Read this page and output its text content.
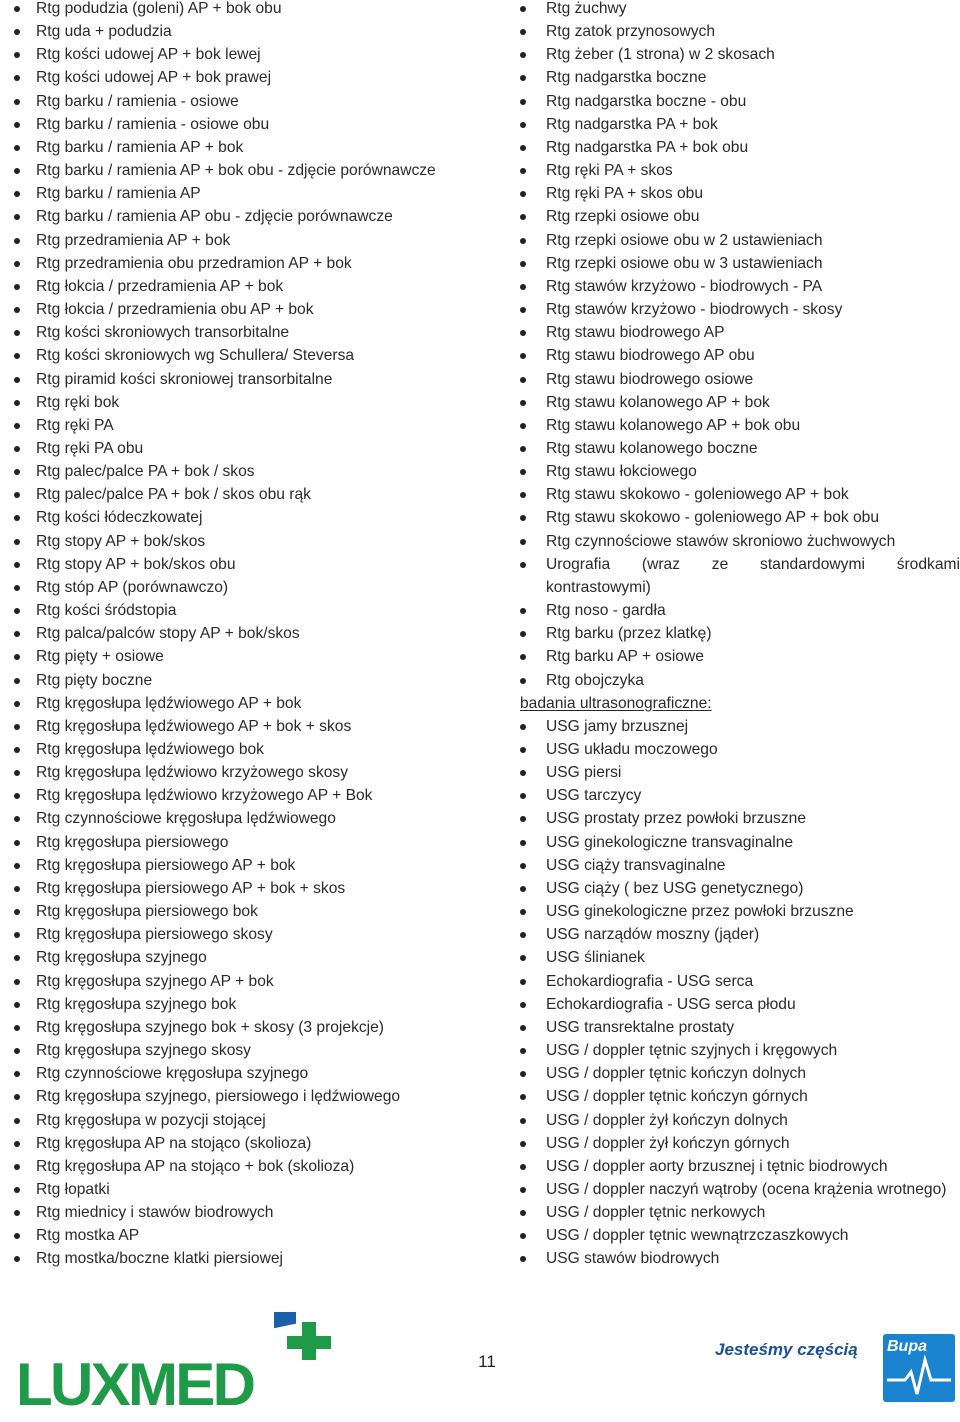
Rtg podudzia (goleni) AP + bok obu
Rtg uda + podudzia
Rtg kości udowej AP + bok lewej
Rtg kości udowej AP + bok prawej
Rtg barku / ramienia - osiowe
Rtg barku / ramienia - osiowe obu
Rtg barku / ramienia AP + bok
Rtg barku / ramienia AP + bok obu - zdjęcie porównawcze
Rtg barku / ramienia AP
Rtg barku / ramienia AP obu - zdjęcie porównawcze
Rtg przedramienia AP + bok
Rtg przedramienia obu przedramion AP + bok
Rtg łokcia / przedramienia AP + bok
Rtg łokcia / przedramienia obu AP + bok
Rtg kości skroniowych transorbitalne
Rtg kości skroniowych wg Schullera/ Steversa
Rtg piramid kości skroniowej transorbitalne
Rtg ręki bok
Rtg ręki PA
Rtg ręki PA obu
Rtg palec/palce PA + bok / skos
Rtg palec/palce PA + bok / skos obu rąk
Rtg kości łódeczkowatej
Rtg stopy AP + bok/skos
Rtg stopy AP + bok/skos obu
Rtg stóp AP (porównawczo)
Rtg kości śródstopia
Rtg palca/palców stopy AP + bok/skos
Rtg pięty + osiowe
Rtg pięty boczne
Rtg kręgosłupa lędźwiowego AP + bok
Rtg kręgosłupa lędźwiowego AP + bok + skos
Rtg kręgosłupa lędźwiowego bok
Rtg kręgosłupa lędźwiowo krzyżowego skosy
Rtg kręgosłupa lędźwiowo krzyżowego AP + Bok
Rtg czynnościowe kręgosłupa lędźwiowego
Rtg kręgosłupa piersiowego
Rtg kręgosłupa piersiowego AP + bok
Rtg kręgosłupa piersiowego AP + bok + skos
Rtg kręgosłupa piersiowego bok
Rtg kręgosłupa piersiowego skosy
Rtg kręgosłupa szyjnego
Rtg kręgosłupa szyjnego AP + bok
Rtg kręgosłupa szyjnego bok
Rtg kręgosłupa szyjnego bok + skosy (3 projekcje)
Rtg kręgosłupa szyjnego skosy
Rtg czynnościowe kręgosłupa szyjnego
Rtg kręgosłupa szyjnego, piersiowego i lędźwiowego
Rtg kręgosłupa w pozycji stojącej
Rtg kręgosłupa AP na stojąco (skolioza)
Rtg kręgosłupa AP na stojąco + bok (skolioza)
Rtg łopatki
Rtg miednicy i stawów biodrowych
Rtg mostka AP
Rtg mostka/boczne klatki piersiowej
Rtg żuchwy
Rtg zatok przynosowych
Rtg żeber (1 strona) w 2 skosach
Rtg nadgarstka boczne
Rtg nadgarstka boczne - obu
Rtg nadgarstka PA + bok
Rtg nadgarstka PA + bok obu
Rtg ręki PA + skos
Rtg ręki PA + skos obu
Rtg rzepki osiowe obu
Rtg rzepki osiowe obu w 2 ustawieniach
Rtg rzepki osiowe obu w 3 ustawieniach
Rtg stawów krzyżowo - biodrowych - PA
Rtg stawów krzyżowo - biodrowych - skosy
Rtg stawu biodrowego AP
Rtg stawu biodrowego AP obu
Rtg stawu biodrowego osiowe
Rtg stawu kolanowego AP + bok
Rtg stawu kolanowego AP + bok obu
Rtg stawu kolanowego boczne
Rtg stawu łokciowego
Rtg stawu skokowo - goleniowego AP + bok
Rtg stawu skokowo - goleniowego AP + bok obu
Rtg czynnościowe stawów skroniowo żuchwowych
Urografia (wraz ze standardowymi środkami
kontrastowymi)
Rtg noso - gardła
Rtg barku (przez klatkę)
Rtg barku AP + osiowe
Rtg obojczyka
badania ultrasonograficzne:
USG jamy brzusznej
USG układu moczowego
USG piersi
USG tarczycy
USG prostaty przez powłoki brzuszne
USG ginekologiczne transvaginalne
USG ciąży transvaginalne
USG ciąży ( bez USG genetycznego)
USG ginekologiczne przez powłoki brzuszne
USG narządów moszny (jąder)
USG ślinianek
Echokardiografia - USG serca
Echokardiografia - USG serca płodu
USG transrektalne prostaty
USG / doppler tętnic szyjnych i kręgowych
USG / doppler tętnic kończyn dolnych
USG / doppler tętnic kończyn górnych
USG / doppler żył kończyn dolnych
USG / doppler żył kończyn górnych
USG / doppler aorty brzusznej i tętnic biodrowych
USG / doppler naczyń wątroby (ocena krążenia wrotnego)
USG / doppler tętnic nerkowych
USG / doppler tętnic wewnątrzczaszkowych
USG stawów biodrowych
LUXMED	11
Jesteśmy częścią Bupa
